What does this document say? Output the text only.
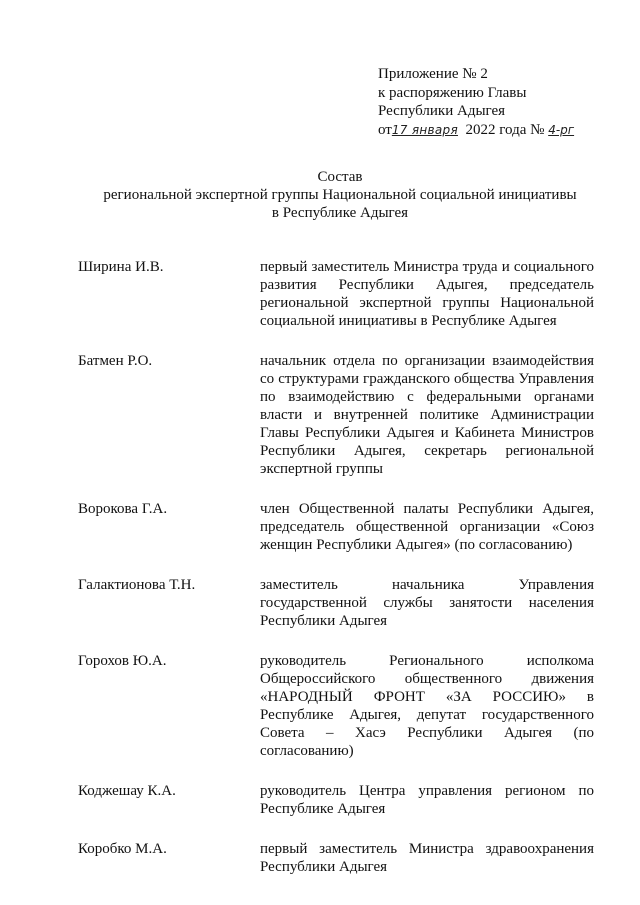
Приложение № 2
к распоряжению Главы
Республики Адыгея
от17 января 2022 года № 4-рг
Состав
региональной экспертной группы Национальной социальной инициативы
в Республике Адыгея
Ширина И.В.	первый заместитель Министра труда и социального развития Республики Адыгея, председатель региональной экспертной группы Национальной социальной инициативы в Республике Адыгея
Батмен Р.О.	начальник отдела по организации взаимодействия со структурами гражданского общества Управления по взаимодействию с федеральными органами власти и внутренней политике Администрации Главы Республики Адыгея и Кабинета Министров Республики Адыгея, секретарь региональной экспертной группы
Ворокова Г.А.	член Общественной палаты Республики Адыгея, председатель общественной организации «Союз женщин Республики Адыгея» (по согласованию)
Галактионова Т.Н.	заместитель начальника Управления государственной службы занятости населения Республики Адыгея
Горохов Ю.А.	руководитель Регионального исполкома Общероссийского общественного движения «НАРОДНЫЙ ФРОНТ «ЗА РОССИЮ» в Республике Адыгея, депутат государственного Совета – Хасэ Республики Адыгея (по согласованию)
Коджешау К.А.	руководитель Центра управления регионом по Республике Адыгея
Коробко М.А.	первый заместитель Министра здравоохранения Республики Адыгея
